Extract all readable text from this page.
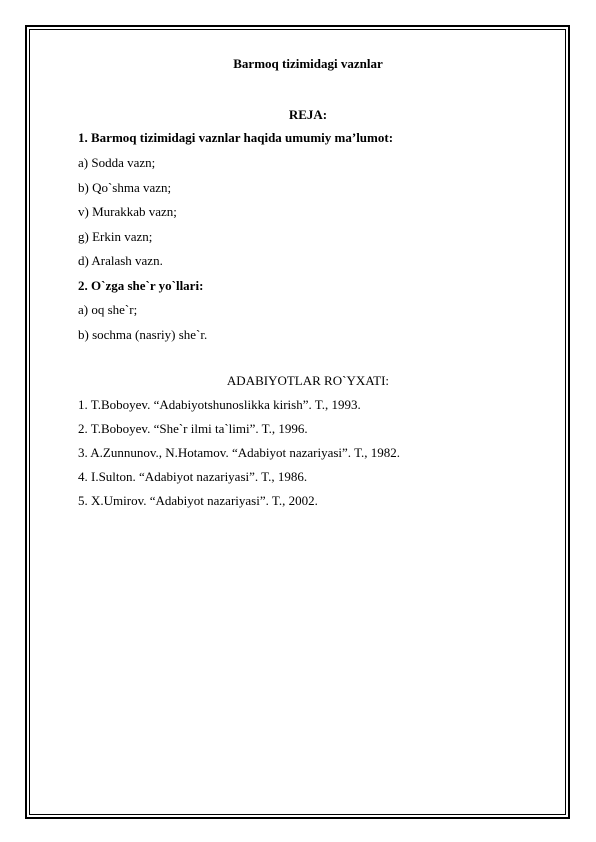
Barmoq tizimidagi vaznlar
REJA:
1. Barmoq tizimidagi vaznlar haqida umumiy ma’lumot:
a) Sodda vazn;
b) Qo`shma vazn;
v) Murakkab vazn;
g) Erkin vazn;
d) Aralash vazn.
2. O`zga she`r yo`llari:
a) oq she`r;
b) sochma (nasriy) she`r.
ADABIYOTLAR RO`YXATI:
1. T.Boboyev. “Adabiyotshunoslikka kirish”. T., 1993.
2. T.Boboyev. “She`r ilmi ta`limi”. T., 1996.
3. A.Zunnunov., N.Hotamov. “Adabiyot nazariyasi”. T., 1982.
4. I.Sulton. “Adabiyot nazariyasi”. T., 1986.
5. X.Umirov. “Adabiyot nazariyasi”. T., 2002.
